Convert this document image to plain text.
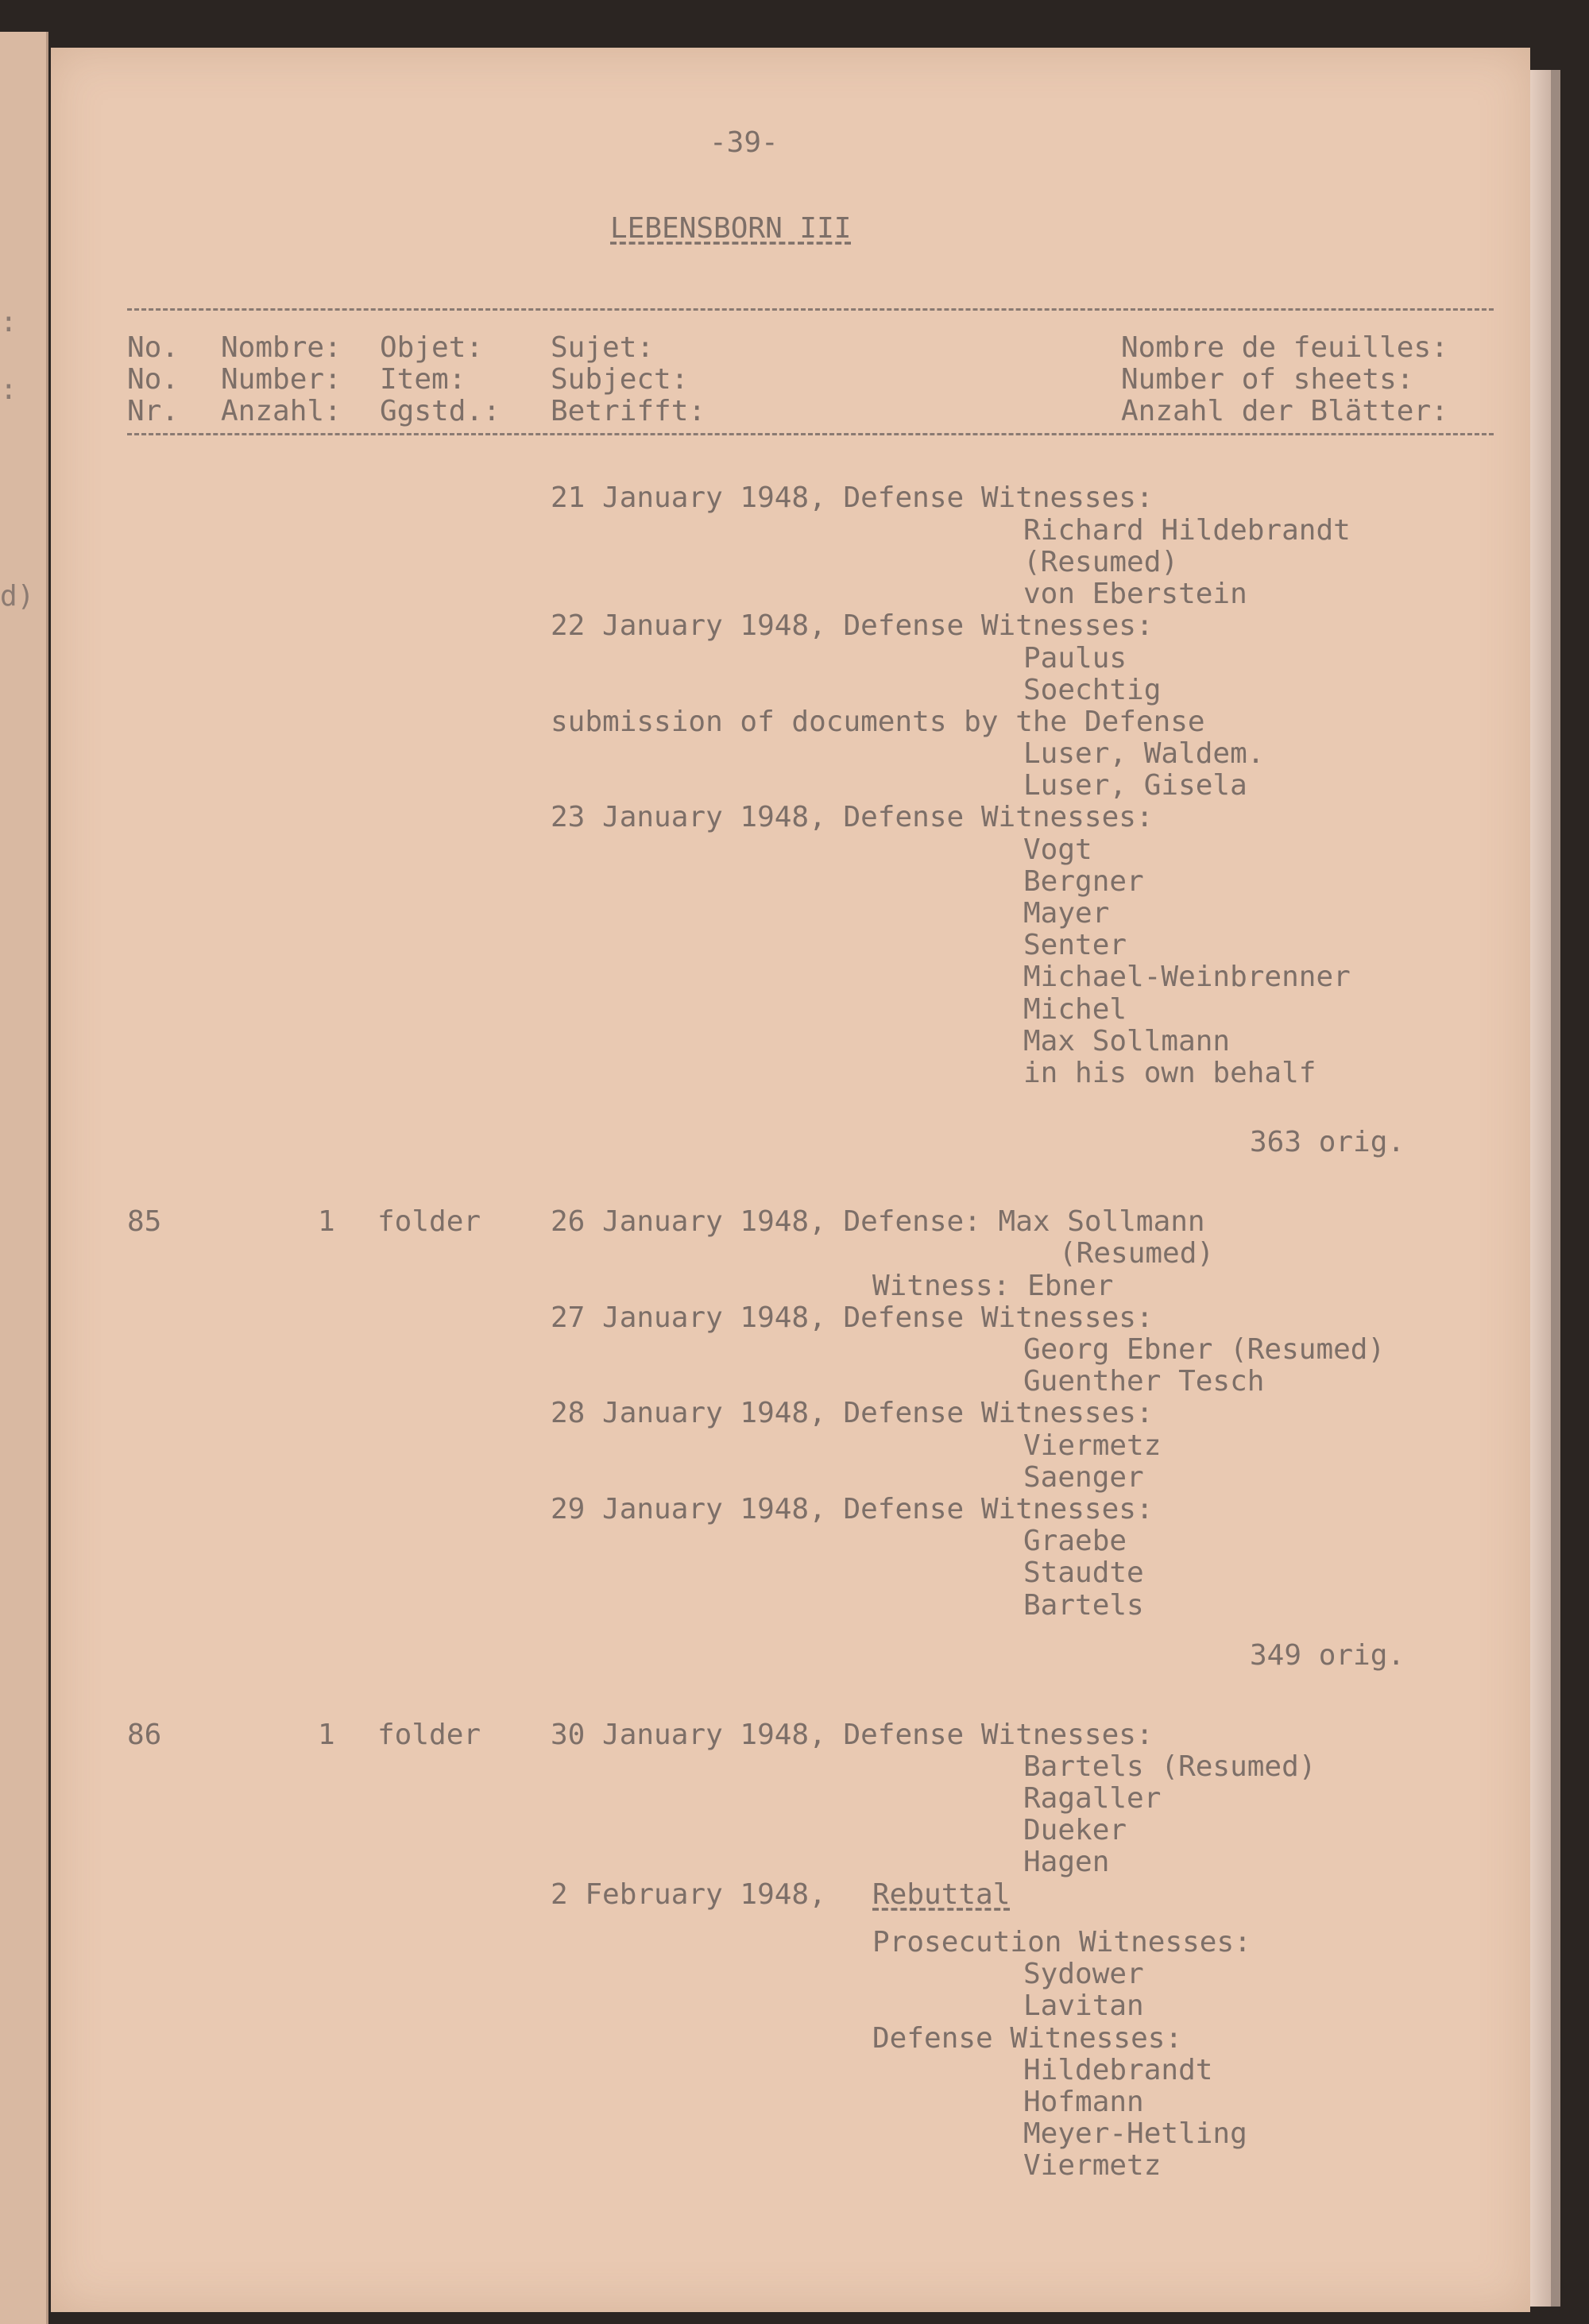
:
:
d)
-39-
LEBENSBORN III
No.
No.
Nr.
Nombre:
Number:
Anzahl:
Objet:
Item:
Ggstd.:
Sujet:
Subject:
Betrifft:
Nombre de feuilles:
Number of sheets:
Anzahl der Blätter:
21 January 1948, Defense Witnesses:
Richard Hildebrandt
(Resumed)
von Eberstein
22 January 1948, Defense Witnesses:
Paulus
Soechtig
submission of documents by the Defense
Luser, Waldem.
Luser, Gisela
23 January 1948, Defense Witnesses:
Vogt
Bergner
Mayer
Senter
Michael-Weinbrenner
Michel
Max Sollmann
in his own behalf
363 orig.
85	1 folder 26 January 1948, Defense: Max Sollmann
(Resumed)
Witness: Ebner
27 January 1948, Defense Witnesses:
Georg Ebner (Resumed)
Guenther Tesch
28 January 1948, Defense Witnesses:
Viermetz
Saenger
29 January 1948, Defense Witnesses:
Graebe
Staudte
Bartels
349 orig.
86	1 folder 30 January 1948, Defense Witnesses:
Bartels (Resumed)
Ragaller
Dueker
Hagen
2 February 1948, Rebuttal
Prosecution Witnesses:
Sydower
Lavitan
Defense Witnesses:
Hildebrandt
Hofmann
Meyer-Hetling
Viermetz
